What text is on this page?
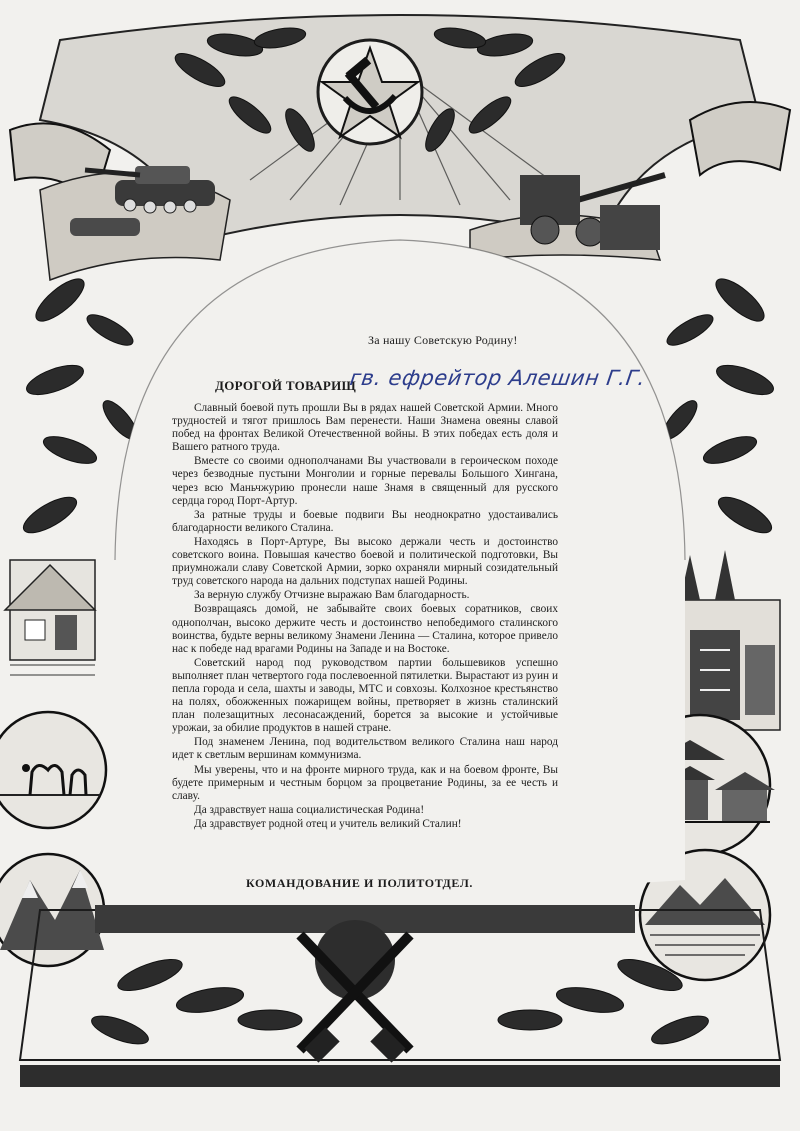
За нашу Советскую Родину!
ДОРОГОЙ ТОВАРИЩ
гв. ефрейтор Алешин Г.Г.

Славный боевой путь прошли Вы в рядах нашей Советской Армии. Много трудностей и тягот пришлось Вам перенести. Наши Знамена овеяны славой побед на фронтах Великой Отечественной войны. В этих победах есть доля и Вашего ратного труда.

Вместе со своими однополчанами Вы участвовали в героическом походе через безводные пустыни Монголии и горные перевалы Большого Хингана, через всю Маньчжурию пронесли наше Знамя в священный для русского сердца город Порт-Артур.

За ратные труды и боевые подвиги Вы неоднократно удостаивались благодарности великого Сталина.

Находясь в Порт-Артуре, Вы высоко держали честь и достоинство советского воина. Повышая качество боевой и политической подготовки, Вы приумножали славу Советской Армии, зорко охраняли мирный созидательный труд советского народа на дальних подступах нашей Родины.

За верную службу Отчизне выражаю Вам благодарность.

Возвращаясь домой, не забывайте своих боевых соратников, своих однополчан, высоко держите честь и достоинство непобедимого сталинского воинства, будьте верны великому Знамени Ленина — Сталина, которое привело нас к победе над врагами Родины на Западе и на Востоке.

Советский народ под руководством партии большевиков успешно выполняет план четвертого года послевоенной пятилетки. Вырастают из руин и пепла города и села, шахты и заводы, МТС и совхозы. Колхозное крестьянство на полях, обожженных пожарищем войны, претворяет в жизнь сталинский план полезащитных лесонасаждений, борется за высокие и устойчивые урожаи, за обилие продуктов в нашей стране.

Под знаменем Ленина, под водительством великого Сталина наш народ идет к светлым вершинам коммунизма.

Мы уверены, что и на фронте мирного труда, как и на боевом фронте, Вы будете примерным и честным борцом за процветание Родины, за ее честь и славу.

Да здравствует наша социалистическая Родина!

Да здравствует родной отец и учитель великий Сталин!

КОМАНДОВАНИЕ И ПОЛИТОТДЕЛ.
